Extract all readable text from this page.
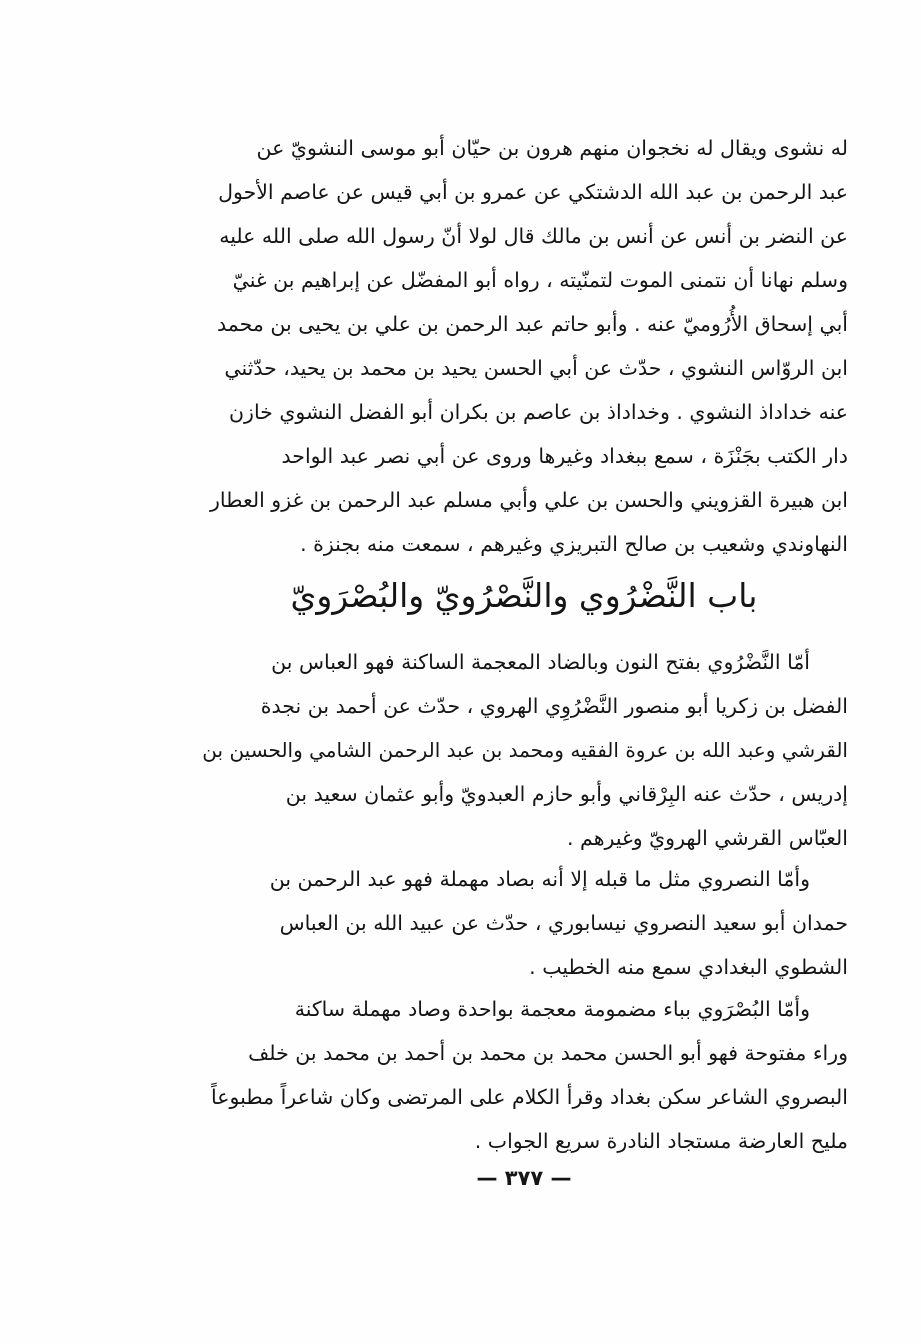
له نشوى ويقال له نخجوان منهم هرون بن حيّان أبو موسى النشويّ عن
عبد الرحمن بن عبد الله الدشتكي عن عمرو بن أبي قيس عن عاصم الأحول
عن النضر بن أنس عن أنس بن مالك قال لولا أنّ رسول الله صلى الله عليه
وسلم نهانا أن نتمنى الموت لتمنّيته ، رواه أبو المفضّل عن إبراهيم بن غنيّ
أبي إسحاق الأُرُوميّ عنه . وأبو حاتم عبد الرحمن بن علي بن يحيى بن محمد
ابن الروّاس النشوي ، حدّث عن أبي الحسن يحيد بن محمد بن يحيد، حدّثني
عنه خداداذ النشوي . وخداداذ بن عاصم بن بكران أبو الفضل النشوي خازن
دار الكتب بجَنْزَة ، سمع ببغداد وغيرها وروى عن أبي نصر عبد الواحد
ابن هبيرة القزويني والحسن بن علي وأبي مسلم عبد الرحمن بن غزو العطار
النهاوندي وشعيب بن صالح التبريزي وغيرهم ، سمعت منه بجنزة .
باب النَّضْرُوي والنَّصْرُويّ والبُصْرَويّ
أمّا النَّضْرُوي بفتح النون وبالضاد المعجمة الساكنة فهو العباس بن
الفضل بن زكريا أبو منصور النَّضْرُوِي الهروي ، حدّث عن أحمد بن نجدة
القرشي وعبد الله بن عروة الفقيه ومحمد بن عبد الرحمن الشامي والحسين بن
إدريس ، حدّث عنه البِرْقاني وأبو حازم العبدويّ وأبو عثمان سعيد بن
العبّاس القرشي الهرويّ وغيرهم .
وأمّا النصروي مثل ما قبله إلا أنه بصاد مهملة فهو عبد الرحمن بن
حمدان أبو سعيد النصروي نيسابوري ، حدّث عن عبيد الله بن العباس
الشطوي البغدادي سمع منه الخطيب .
وأمّا البُصْرَوي بباء مضمومة معجمة بواحدة وصاد مهملة ساكنة
وراء مفتوحة فهو أبو الحسن محمد بن محمد بن أحمد بن محمد بن خلف
البصروي الشاعر سكن بغداد وقرأ الكلام على المرتضى وكان شاعراً مطبوعاً
مليح العارضة مستجاد النادرة سريع الجواب .
— ٣٧٧ —
